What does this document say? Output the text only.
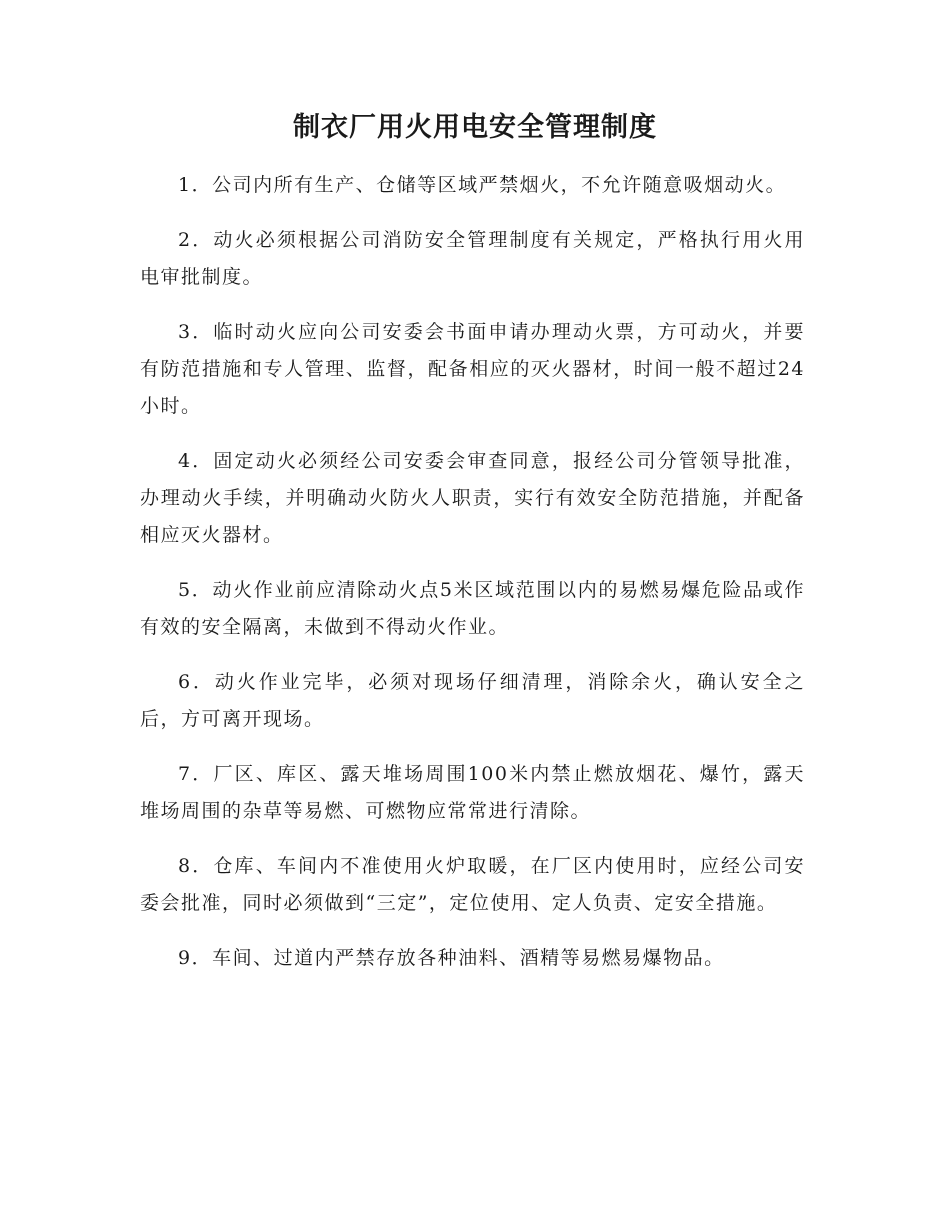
制衣厂用火用电安全管理制度

1．公司内所有生产、仓储等区域严禁烟火，不允许随意吸烟动火。

2．动火必须根据公司消防安全管理制度有关规定，严格执行用火用电审批制度。

3．临时动火应向公司安委会书面申请办理动火票，方可动火，并要有防范措施和专人管理、监督，配备相应的灭火器材，时间一般不超过24小时。

4．固定动火必须经公司安委会审查同意，报经公司分管领导批准，办理动火手续，并明确动火防火人职责，实行有效安全防范措施，并配备相应灭火器材。

5．动火作业前应清除动火点5米区域范围以内的易燃易爆危险品或作有效的安全隔离，未做到不得动火作业。

6．动火作业完毕，必须对现场仔细清理，消除余火，确认安全之后，方可离开现场。

7．厂区、库区、露天堆场周围100米内禁止燃放烟花、爆竹，露天堆场周围的杂草等易燃、可燃物应常常进行清除。

8．仓库、车间内不准使用火炉取暖，在厂区内使用时，应经公司安委会批准，同时必须做到“三定”，定位使用、定人负责、定安全措施。

9．车间、过道内严禁存放各种油料、酒精等易燃易爆物品。
